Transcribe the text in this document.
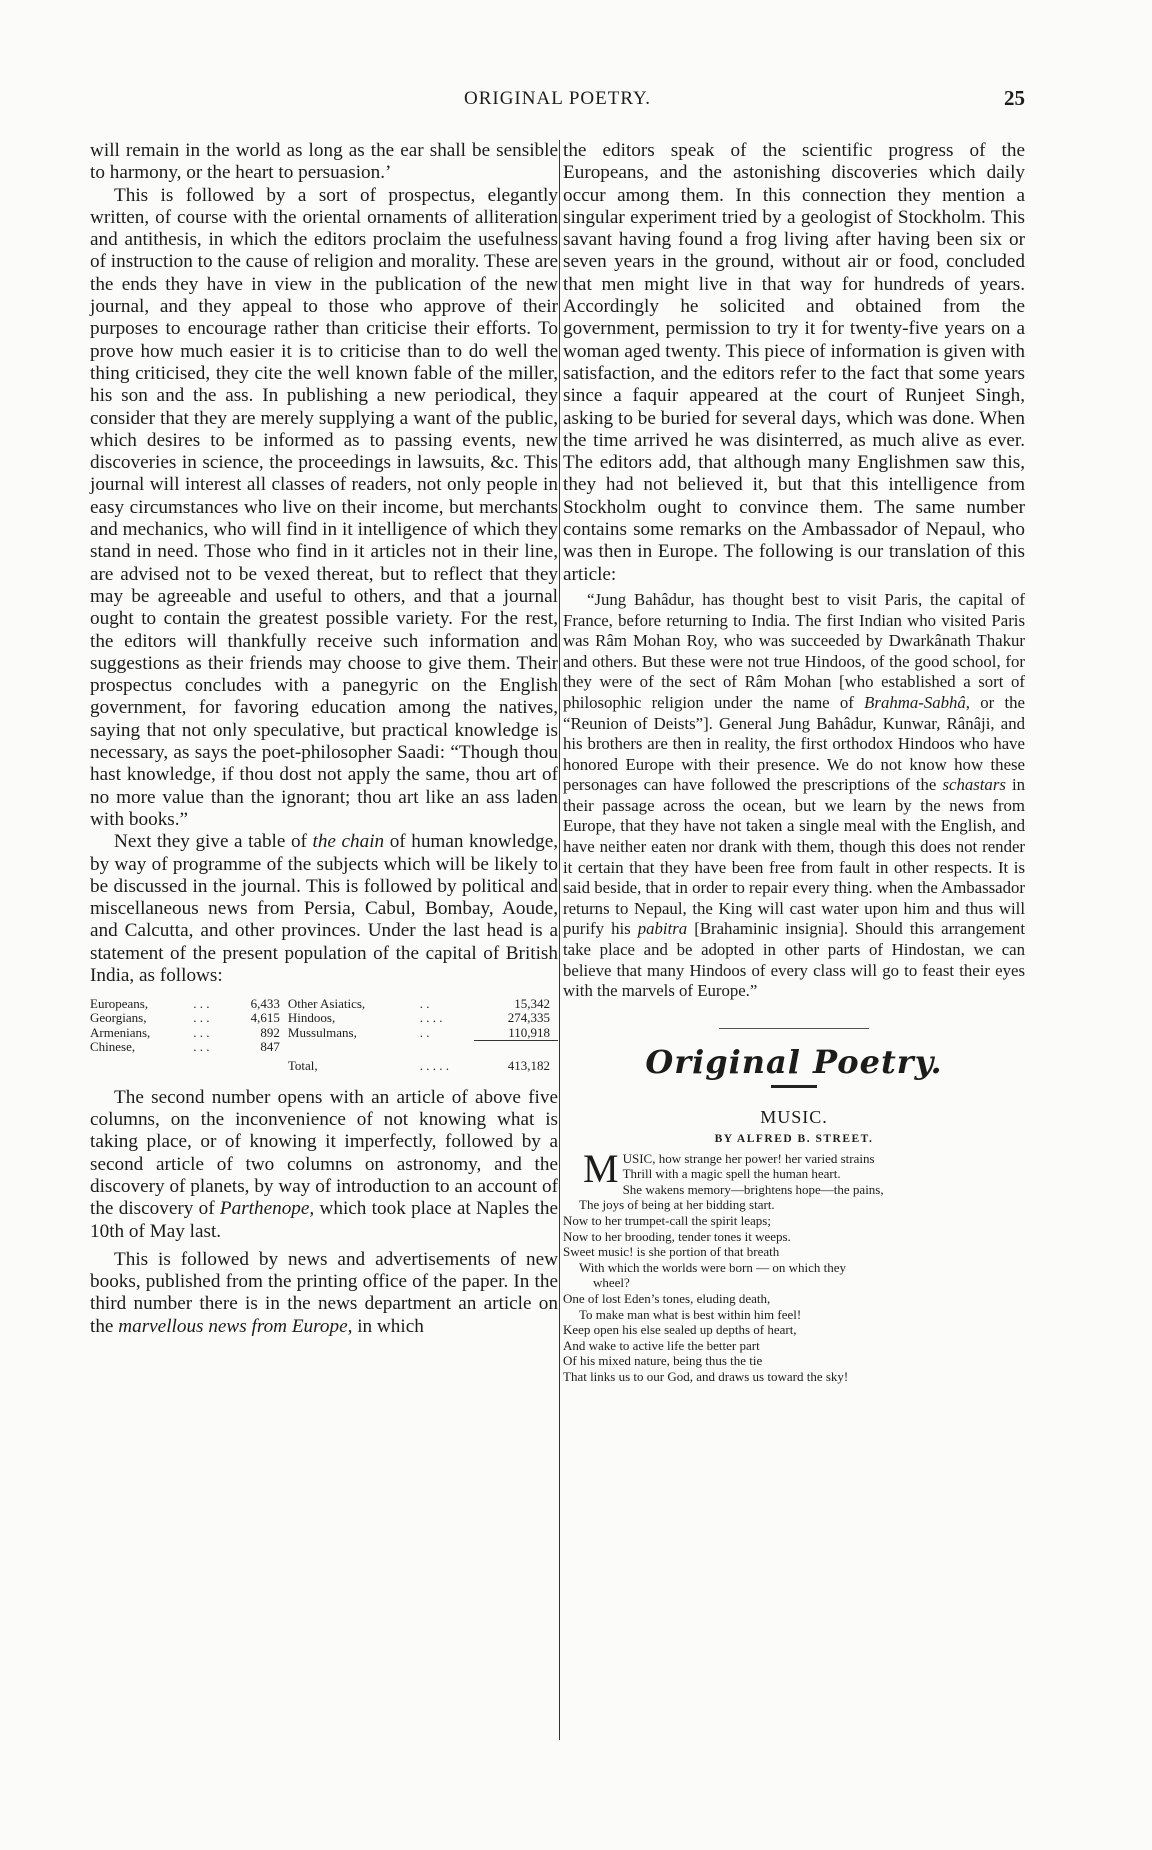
ORIGINAL POETRY.	25

will remain in the world as long as the ear shall be sensible to harmony, or the heart to persuasion.’

This is followed by a sort of prospectus, elegantly written, of course with the oriental ornaments of alliteration and antithesis, in which the editors proclaim the usefulness of instruction to the cause of religion and morality. These are the ends they have in view in the publication of the new journal, and they appeal to those who approve of their purposes to encourage rather than criticise their efforts. To prove how much easier it is to criticise than to do well the thing criticised, they cite the well known fable of the miller, his son and the ass. In publishing a new periodical, they consider that they are merely supplying a want of the public, which desires to be informed as to passing events, new discoveries in science, the proceedings in lawsuits, &c. This journal will interest all classes of readers, not only people in easy circumstances who live on their income, but merchants and mechanics, who will find in it intelligence of which they stand in need. Those who find in it articles not in their line, are advised not to be vexed thereat, but to reflect that they may be agreeable and useful to others, and that a journal ought to contain the greatest possible variety. For the rest, the editors will thankfully receive such information and suggestions as their friends may choose to give them. Their prospectus concludes with a panegyric on the English government, for favoring education among the natives, saying that not only speculative, but practical knowledge is necessary, as says the poet-philosopher Saadi: “Though thou hast knowledge, if thou dost not apply the same, thou art of no more value than the ignorant; thou art like an ass laden with books.”

Next they give a table of the chain of human knowledge, by way of programme of the subjects which will be likely to be discussed in the journal. This is followed by political and miscellaneous news from Persia, Cabul, Bombay, Aoude, and Calcutta, and other provinces. Under the last head is a statement of the present population of the capital of British India, as follows:

Europeans,	. . .	6,433	Other Asiatics,	. .	15,342
Georgians,	. . .	4,615	Hindoos,	. . . .	274,335
Armenians,	. . .	892	Mussulmans,	. .	110,918
Chinese,	. . .	847			
			Total,	. . . . .	413,182

The second number opens with an article of above five columns, on the inconvenience of not knowing what is taking place, or of knowing it imperfectly, followed by a second article of two columns on astronomy, and the discovery of planets, by way of introduction to an account of the discovery of Parthenope, which took place at Naples the 10th of May last.

This is followed by news and advertisements of new books, published from the printing office of the paper. In the third number there is in the news department an article on the marvellous news from Europe, in which

the editors speak of the scientific progress of the Europeans, and the astonishing discoveries which daily occur among them. In this connection they mention a singular experiment tried by a geologist of Stockholm. This savant having found a frog living after having been six or seven years in the ground, without air or food, concluded that men might live in that way for hundreds of years. Accordingly he solicited and obtained from the government, permission to try it for twenty-five years on a woman aged twenty. This piece of information is given with satisfaction, and the editors refer to the fact that some years since a faquir appeared at the court of Runjeet Singh, asking to be buried for several days, which was done. When the time arrived he was disinterred, as much alive as ever. The editors add, that although many Englishmen saw this, they had not believed it, but that this intelligence from Stockholm ought to convince them. The same number contains some remarks on the Ambassador of Nepaul, who was then in Europe. The following is our translation of this article:

“Jung Bahâdur, has thought best to visit Paris, the capital of France, before returning to India. The first Indian who visited Paris was Râm Mohan Roy, who was succeeded by Dwarkânath Thakur and others. But these were not true Hindoos, of the good school, for they were of the sect of Râm Mohan [who established a sort of philosophic religion under the name of Brahma-Sabhâ, or the “Reunion of Deists”]. General Jung Bahâdur, Kunwar, Rânâji, and his brothers are then in reality, the first orthodox Hindoos who have honored Europe with their presence. We do not know how these personages can have followed the prescriptions of the schastars in their passage across the ocean, but we learn by the news from Europe, that they have not taken a single meal with the English, and have neither eaten nor drank with them, though this does not render it certain that they have been free from fault in other respects. It is said beside, that in order to repair every thing. when the Ambassador returns to Nepaul, the King will cast water upon him and thus will purify his pabitra [Brahaminic insignia]. Should this arrangement take place and be adopted in other parts of Hindostan, we can believe that many Hindoos of every class will go to feast their eyes with the marvels of Europe.”

Original Poetry.

MUSIC.

BY ALFRED B. STREET.

M USIC, how strange her power! her varied strains
Thrill with a magic spell the human heart.
She wakens memory—brightens hope—the pains,
The joys of being at her bidding start.
Now to her trumpet-call the spirit leaps;
Now to her brooding, tender tones it weeps.
Sweet music! is she portion of that breath
With which the worlds were born — on which they
wheel?
One of lost Eden’s tones, eluding death,
To make man what is best within him feel!
Keep open his else sealed up depths of heart,
And wake to active life the better part
Of his mixed nature, being thus the tie
That links us to our God, and draws us toward the sky!
